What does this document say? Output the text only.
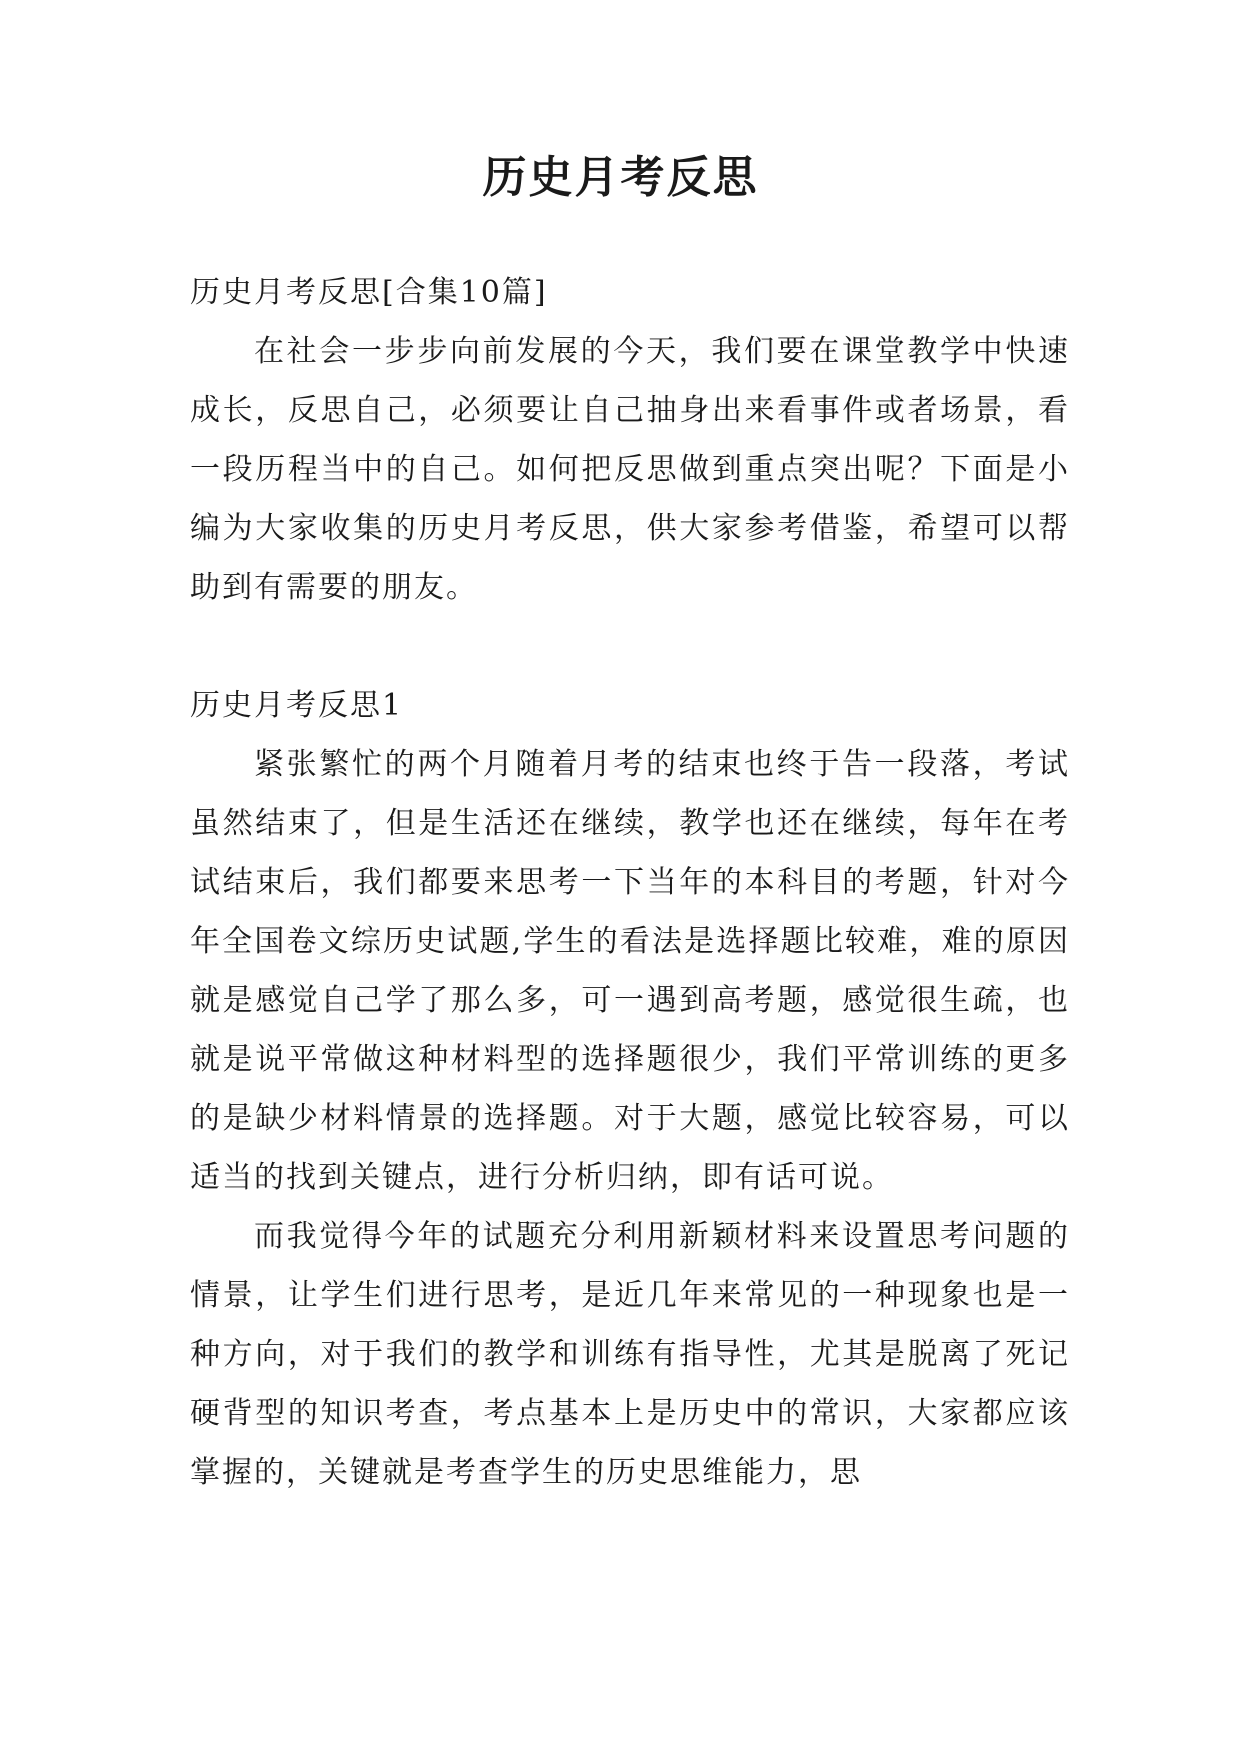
历史月考反思

历史月考反思[合集10篇]

在社会一步步向前发展的今天，我们要在课堂教学中快速成长，反思自己，必须要让自己抽身出来看事件或者场景，看一段历程当中的自己。如何把反思做到重点突出呢？下面是小编为大家收集的历史月考反思，供大家参考借鉴，希望可以帮助到有需要的朋友。

历史月考反思1

紧张繁忙的两个月随着月考的结束也终于告一段落，考试虽然结束了，但是生活还在继续，教学也还在继续，每年在考试结束后，我们都要来思考一下当年的本科目的考题，针对今年全国卷文综历史试题,学生的看法是选择题比较难，难的原因就是感觉自己学了那么多，可一遇到高考题，感觉很生疏，也就是说平常做这种材料型的选择题很少，我们平常训练的更多的是缺少材料情景的选择题。对于大题，感觉比较容易，可以适当的找到关键点，进行分析归纳，即有话可说。

而我觉得今年的试题充分利用新颖材料来设置思考问题的情景，让学生们进行思考，是近几年来常见的一种现象也是一种方向，对于我们的教学和训练有指导性，尤其是脱离了死记硬背型的知识考查，考点基本上是历史中的常识，大家都应该掌握的，关键就是考查学生的历史思维能力，思
